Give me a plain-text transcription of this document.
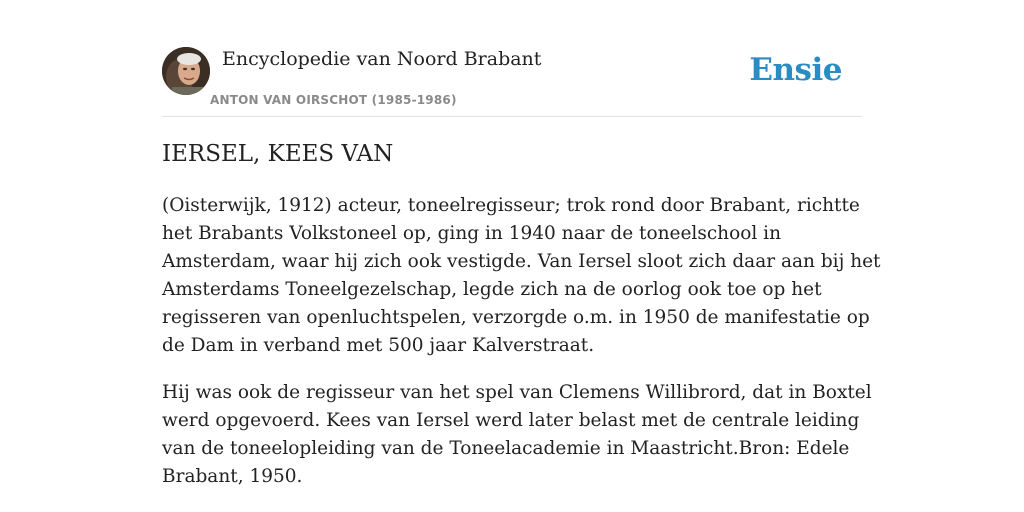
Encyclopedie van Noord Brabant
ANTON VAN OIRSCHOT (1985-1986)
Ensie
IERSEL, KEES VAN

(Oisterwijk, 1912) acteur, toneelregisseur; trok rond door Brabant, richtte het Brabants Volkstoneel op, ging in 1940 naar de toneelschool in Amsterdam, waar hij zich ook vestigde. Van Iersel sloot zich daar aan bij het Amsterdams Toneelgezelschap, legde zich na de oorlog ook toe op het regisseren van openluchtspelen, verzorgde o.m. in 1950 de manifestatie op de Dam in verband met 500 jaar Kalverstraat.

Hij was ook de regisseur van het spel van Clemens Willibrord, dat in Boxtel werd opgevoerd. Kees van Iersel werd later belast met de centrale leiding van de toneelopleiding van de Toneelacademie in Maastricht.Bron: Edele Brabant, 1950.
